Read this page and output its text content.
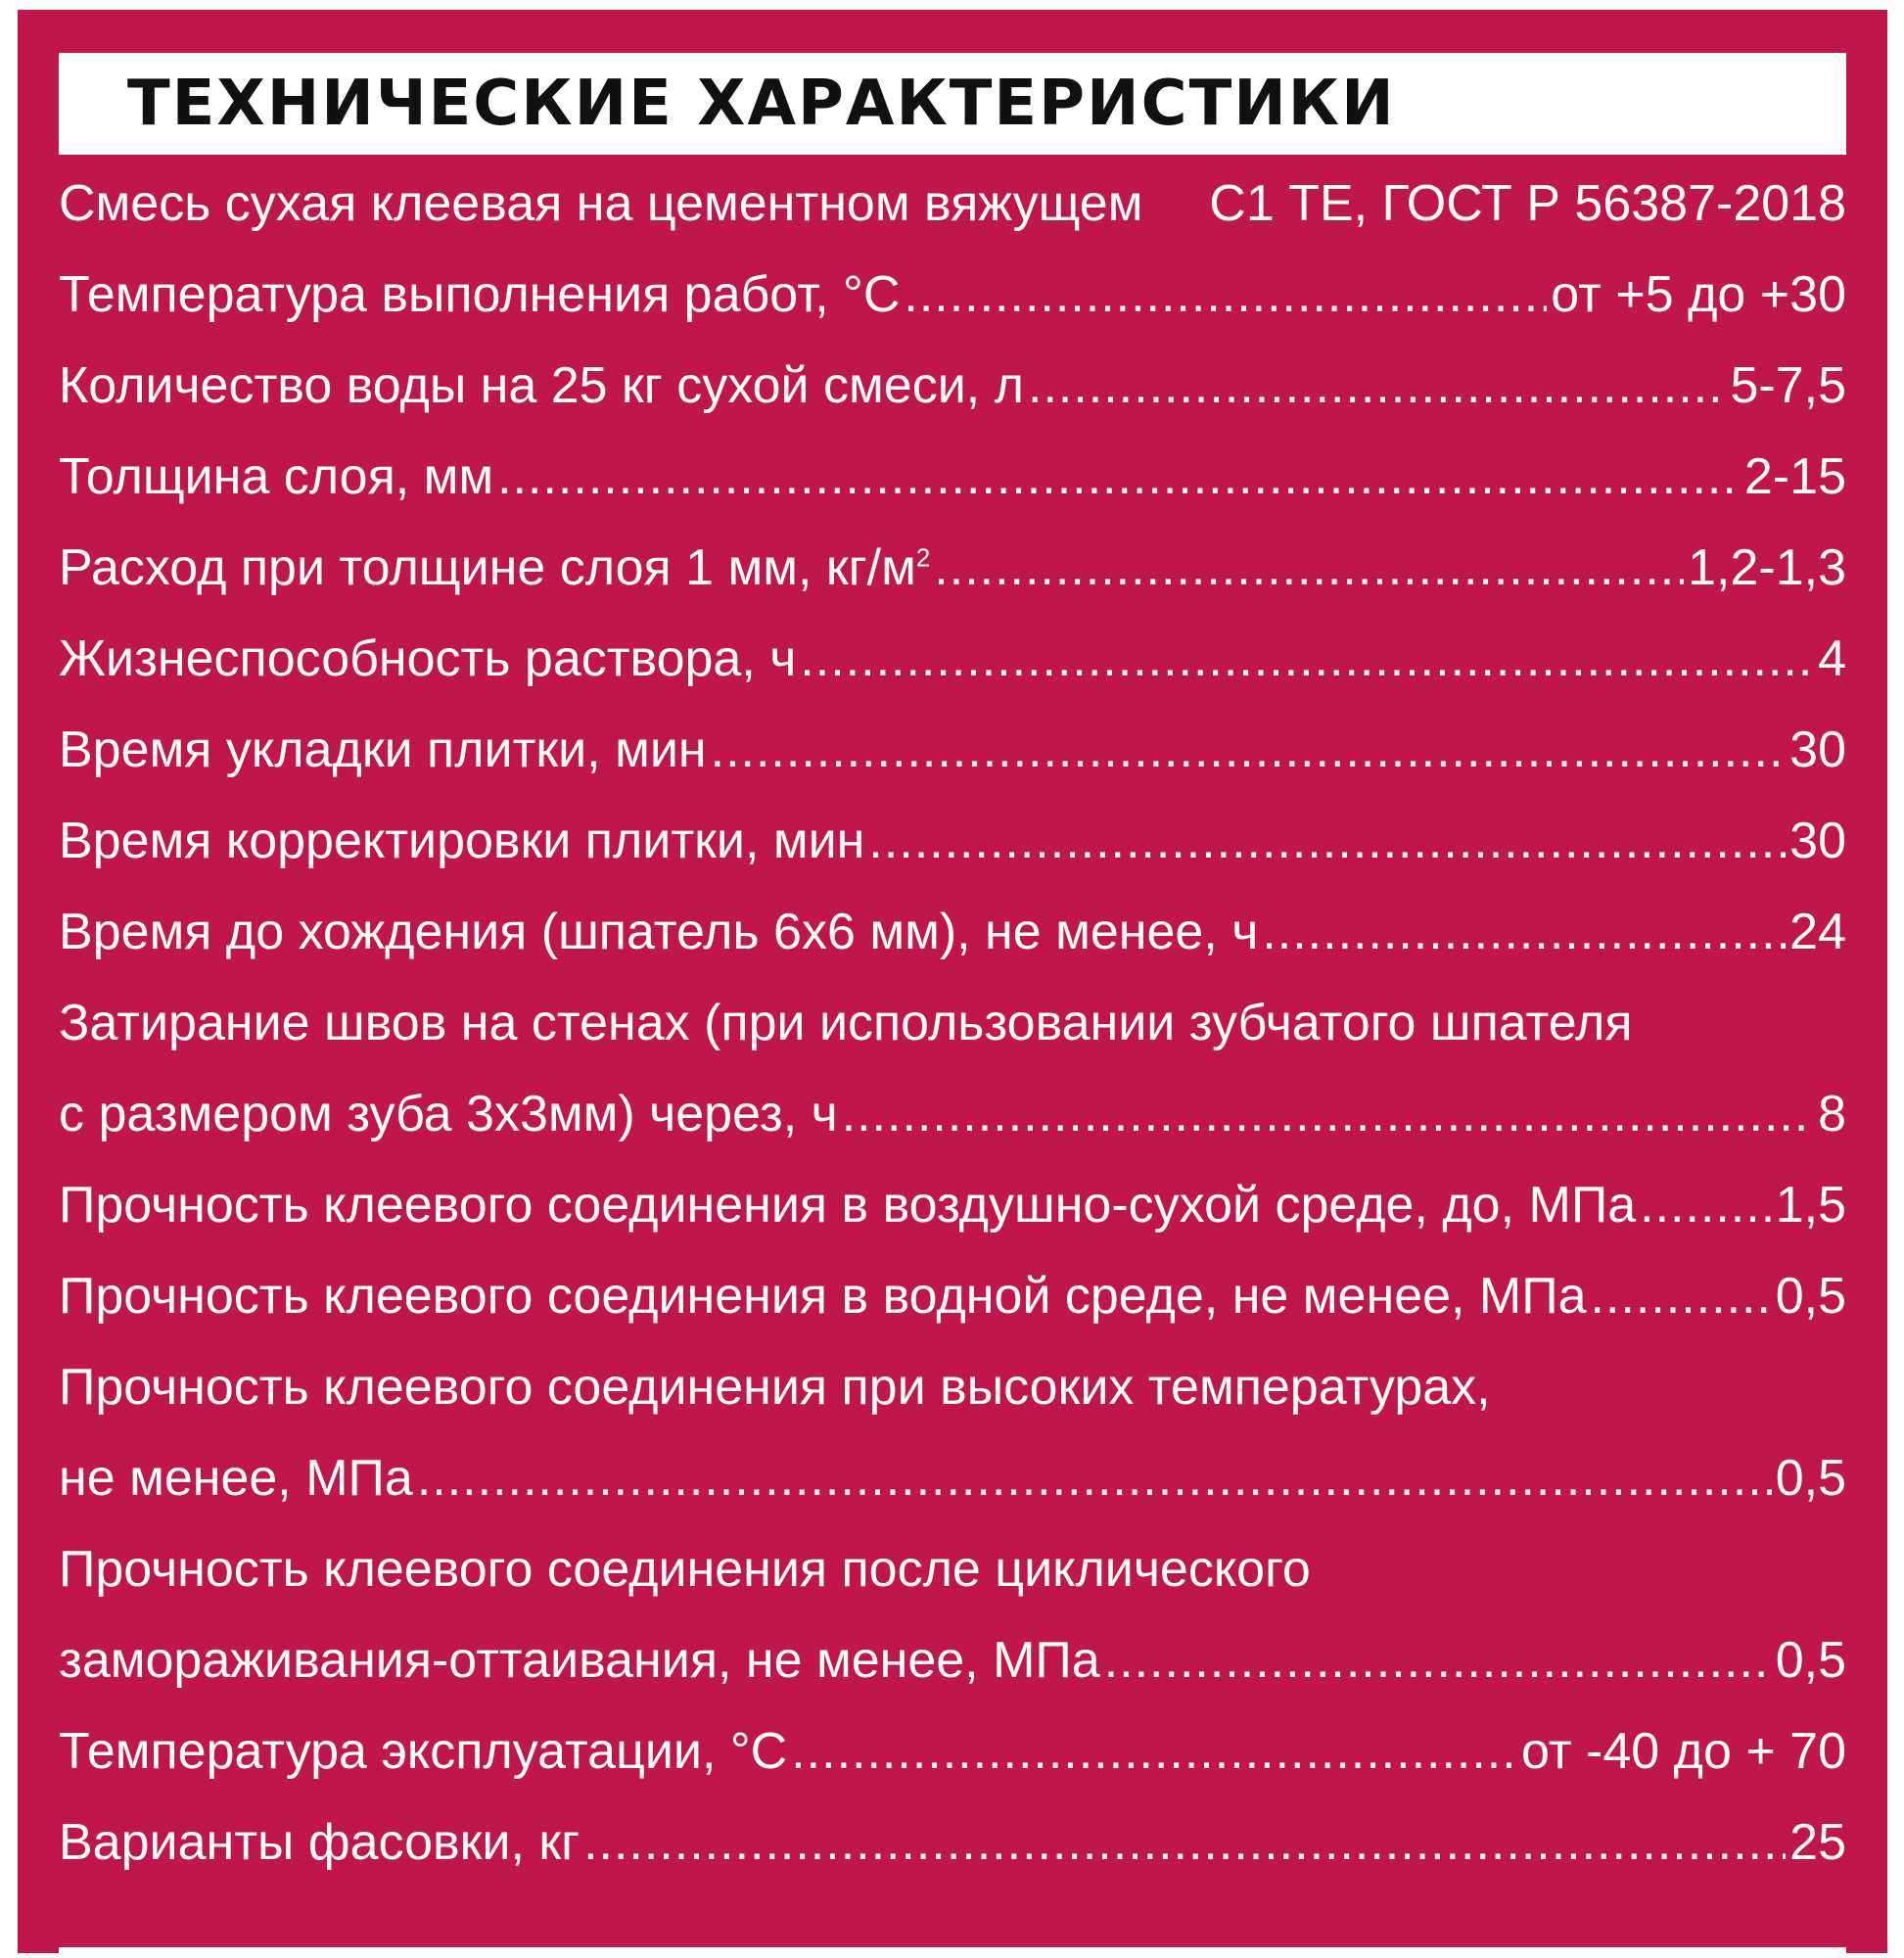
ТЕХНИЧЕСКИЕ ХАРАКТЕРИСТИКИ
Смесь сухая клеевая на цементном вяжущем С1 ТЕ, ГОСТ Р 56387-2018
Температура выполнения работ, °С .....	от +5 до +30
Количество воды на 25 кг сухой смеси, л .....	5-7,5
Толщина слоя, мм .....	2-15
Расход при толщине слоя 1 мм, $кг/м^2$ .....	1,2-1,3
Жизнеспособность раствора, ч .....	4
Время укладки плитки, мин .....	30
Время корректировки плитки, мин .....	30
Время до хождения (шпатель 6х6 мм), не менее, ч .....	24
Затирание швов на стенах (при использовании зубчатого шпателя
с размером зуба 3х3мм) через, ч .....	8
Прочность клеевого соединения в воздушно-сухой среде, до, МПа .....	1,5
Прочность клеевого соединения в водной среде, не менее, МПа .....	0,5
Прочность клеевого соединения при высоких температурах,
не менее, МПа .....	0,5
Прочность клеевого соединения после циклического
замораживания-оттаивания, не менее, МПа .....	0,5
Температура эксплуатации, °С .....	от -40 до + 70
Варианты фасовки, кг .....	25
